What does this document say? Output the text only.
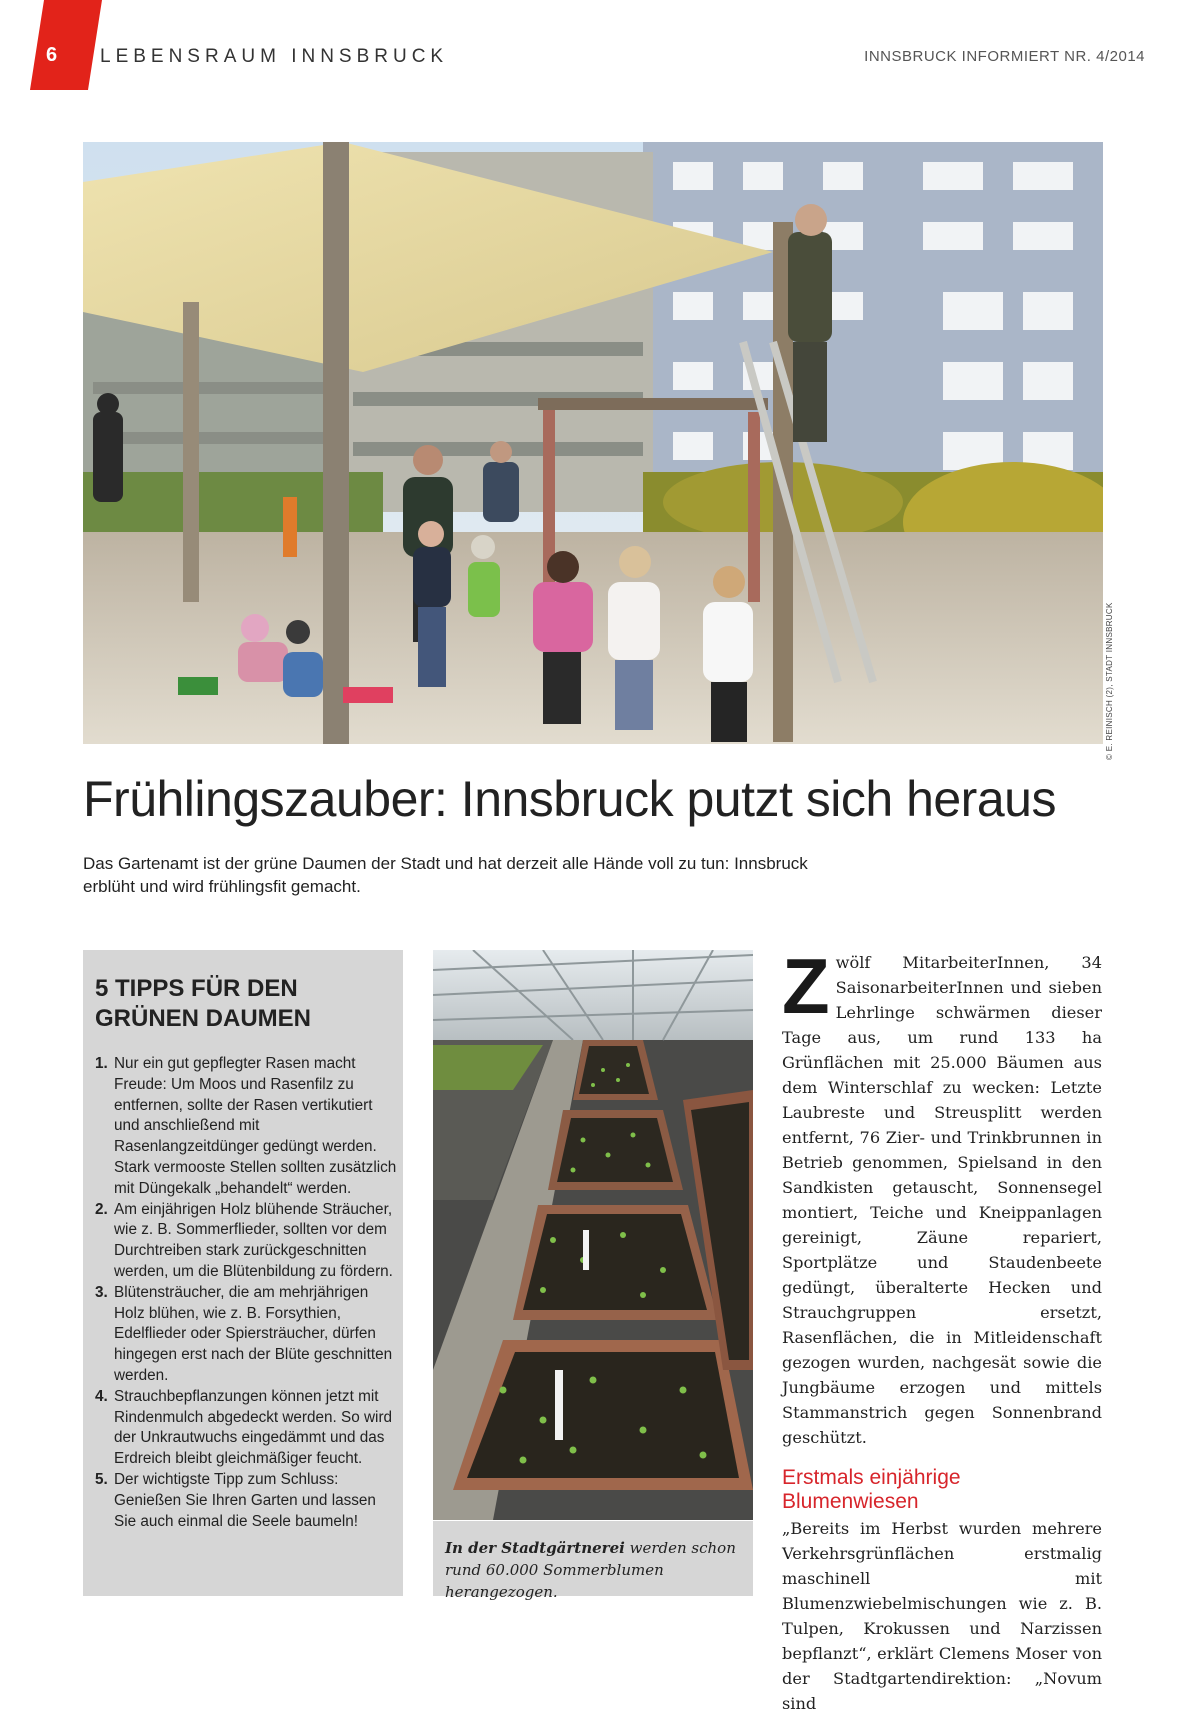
6	LEBENSRAUM INNSBRUCK	INNSBRUCK INFORMIERT NR. 4/2014
© E. REINISCH (2), STADT INNSBRUCK
Frühlingszauber: Innsbruck putzt sich heraus

Das Gartenamt ist der grüne Daumen der Stadt und hat derzeit alle Hände voll zu tun: Innsbruck erblüht und wird frühlingsfit gemacht.

5 TIPPS FÜR DEN GRÜNEN DAUMEN
1. Nur ein gut gepflegter Rasen macht Freude: Um Moos und Rasenfilz zu entfernen, sollte der Rasen vertikutiert und anschließend mit Rasenlangzeitdünger gedüngt werden. Stark vermooste Stellen sollten zusätzlich mit Düngekalk „behandelt“ werden.
2. Am einjährigen Holz blühende Sträucher, wie z. B. Sommerflieder, sollten vor dem Durchtreiben stark zurückgeschnitten werden, um die Blütenbildung zu fördern.
3. Blütensträucher, die am mehrjährigen Holz blühen, wie z. B. Forsythien, Edelflieder oder Spiersträucher, dürfen hingegen erst nach der Blüte geschnitten werden.
4. Strauchbepflanzungen können jetzt mit Rindenmulch abgedeckt werden. So wird der Unkrautwuchs eingedämmt und das Erdreich bleibt gleichmäßiger feucht.
5. Der wichtigste Tipp zum Schluss: Genießen Sie Ihren Garten und lassen Sie auch einmal die Seele baumeln!

In der Stadtgärtnerei werden schon rund 60.000 Sommerblumen herangezogen.

Zwölf MitarbeiterInnen, 34 SaisonarbeiterInnen und sieben Lehrlinge schwärmen dieser Tage aus, um rund 133 ha Grünflächen mit 25.000 Bäumen aus dem Winterschlaf zu wecken: Letzte Laubreste und Streusplitt werden entfernt, 76 Zier- und Trinkbrunnen in Betrieb genommen, Spielsand in den Sandkisten getauscht, Sonnensegel montiert, Teiche und Kneippanlagen gereinigt, Zäune repariert, Sportplätze und Staudenbeete gedüngt, überalterte Hecken und Strauchgruppen ersetzt, Rasenflächen, die in Mitleidenschaft gezogen wurden, nachgesät sowie die Jungbäume erzogen und mittels Stammanstrich gegen Sonnenbrand geschützt.

Erstmals einjährige Blumenwiesen

„Bereits im Herbst wurden mehrere Verkehrsgrünflächen erstmalig maschinell mit Blumenzwiebelmischungen wie z. B. Tulpen, Krokussen und Narzissen bepflanzt“, erklärt Clemens Moser von der Stadtgartendirektion: „Novum sind
